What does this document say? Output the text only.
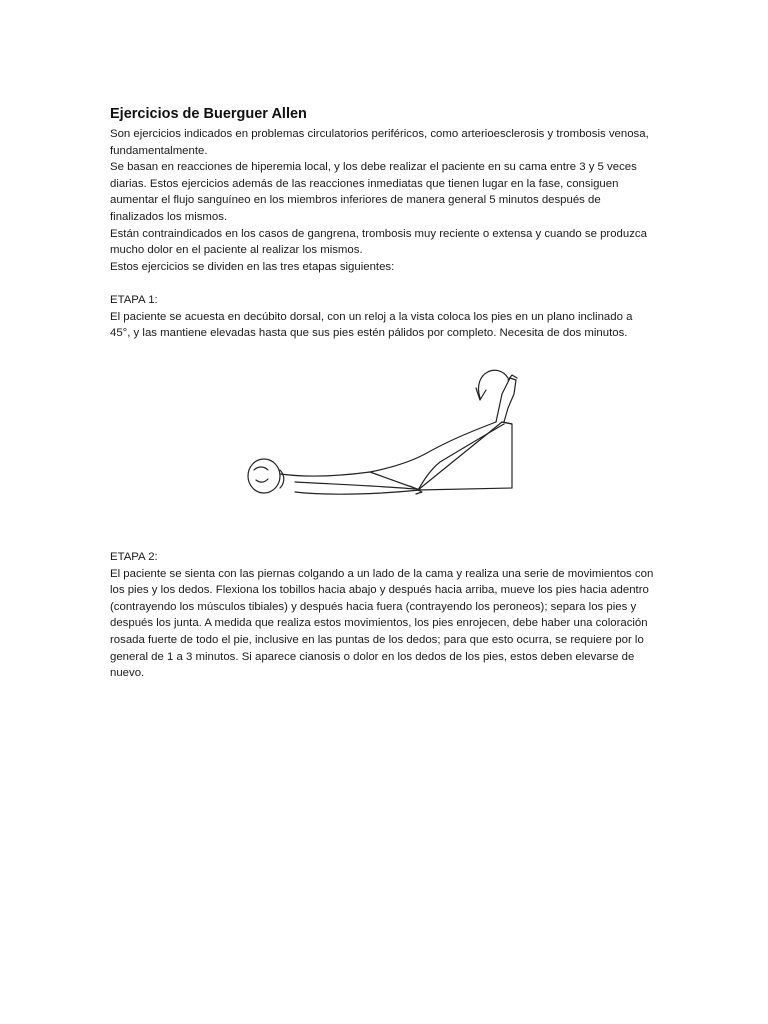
Ejercicios de Buerguer Allen

Son ejercicios indicados en problemas circulatorios periféricos, como arterioesclerosis y trombosis venosa, fundamentalmente.

Se basan en reacciones de hiperemia local, y los debe realizar el paciente en su cama entre 3 y 5 veces diarias. Estos ejercicios además de las reacciones inmediatas que tienen lugar en la fase, consiguen aumentar el flujo sanguíneo en los miembros inferiores de manera general 5 minutos después de finalizados los mismos.

Están contraindicados en los casos de gangrena, trombosis muy reciente o extensa y cuando se produzca mucho dolor en el paciente al realizar los mismos.

Estos ejercicios se dividen en las tres etapas siguientes:

ETAPA 1:

El paciente se acuesta en decúbito dorsal, con un reloj a la vista coloca los pies en un plano inclinado a 45°, y las mantiene elevadas hasta que sus pies estén pálidos por completo. Necesita de dos minutos.

ETAPA 2:

El paciente se sienta con las piernas colgando a un lado de la cama y realiza una serie de movimientos con los pies y los dedos. Flexiona los tobillos hacia abajo y después hacia arriba, mueve los pies hacia adentro (contrayendo los músculos tibiales) y después hacia fuera (contrayendo los peroneos); separa los pies y después los junta. A medida que realiza estos movimientos, los pies enrojecen, debe haber una coloración rosada fuerte de todo el pie, inclusive en las puntas de los dedos; para que esto ocurra, se requiere por lo general de 1 a 3 minutos. Si aparece cianosis o dolor en los dedos de los pies, estos deben elevarse de nuevo.
